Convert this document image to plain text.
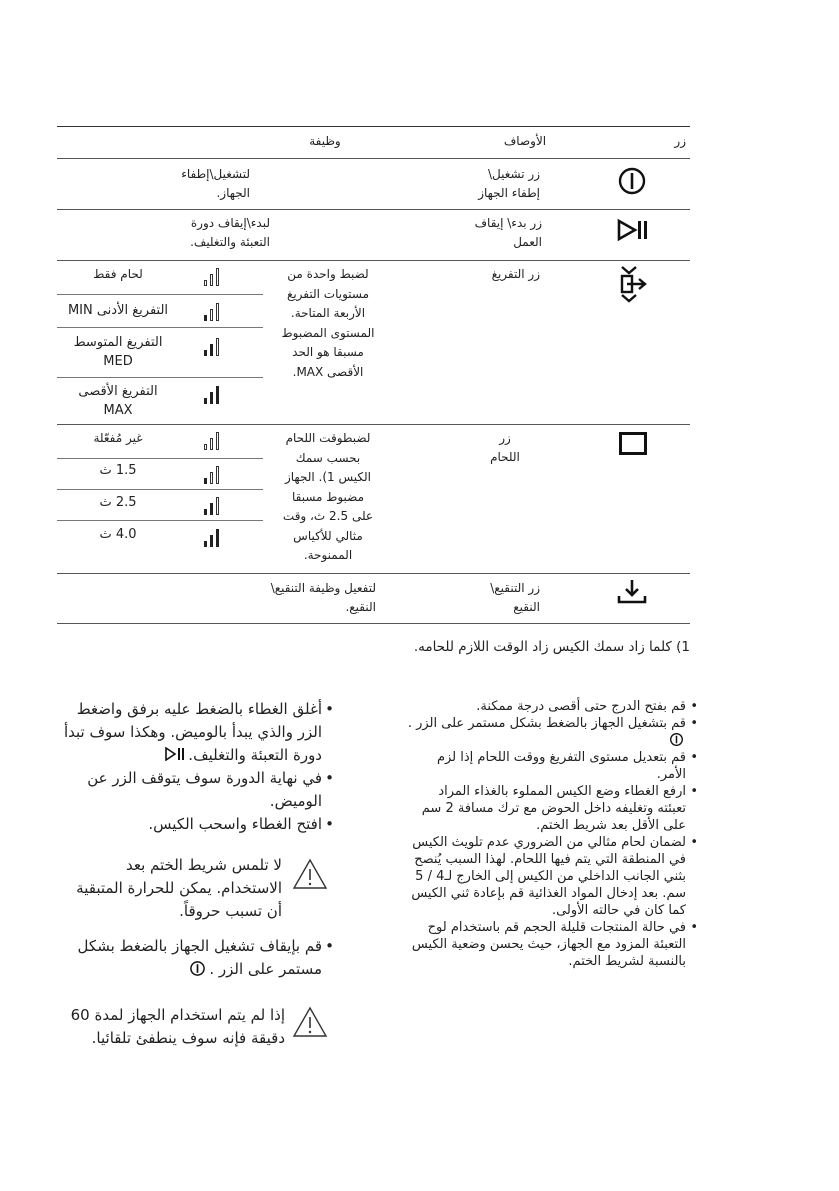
زر
الأوصاف
وظيفة
زر تشغيل\ إطفاء الجهاز
لتشغيل\إطفاء الجهاز.
زر بدء\ إيقاف العمل
لبدء\إيقاف دورة التعبئة والتغليف.
زر التفريغ
لضبط واحدة من مستويات التفريغ الأربعة المتاحة. المستوى المضبوط مسبقا هو الحد الأقصى MAX.
لحام فقط
التفريغ الأدنى MIN
التفريغ المتوسط MED
التفريغ الأقصى MAX
زر اللحام
لضبطوقت اللحام بحسب سمك الكيس 1). الجهاز مضبوط مسبقا على 2.5 ث، وقت مثالي للأكياس الممنوحة.
غير مُفعّلة
1.5 ث
2.5 ث
4.0 ث
زر التنقيع\ النقيع
لتفعيل وظيفة التنقيع\ النقيع.
1) كلما زاد سمك الكيس زاد الوقت اللازم للحامه.
• قم بفتح الدرج حتى أقصى درجة ممكنة.
• قم بتشغيل الجهاز بالضغط بشكل مستمر على الزر .
• قم بتعديل مستوى التفريغ ووقت اللحام إذا لزم الأمر.
• ارفع الغطاء وضع الكيس المملوء بالغذاء المراد تعبئته وتغليفه داخل الحوض مع ترك مسافة 2 سم على الأقل بعد شريط الختم.
• لضمان لحام مثالي من الضروري عدم تلويث الكيس في المنطقة التي يتم فيها اللحام. لهذا السبب يُنصح بثني الجانب الداخلي من الكيس إلى الخارج لـ4 / 5 سم. بعد إدخال المواد الغذائية قم بإعادة ثني الكيس كما كان في حالته الأولى.
• في حالة المنتجات قليلة الحجم قم باستخدام لوح التعبئة المزود مع الجهاز، حيث يحسن وضعية الكيس بالنسبة لشريط الختم.
• أغلق الغطاء بالضغط عليه برفق واضغط الزر والذي يبدأ بالوميض. وهكذا سوف تبدأ دورة التعبئة والتغليف.
• في نهاية الدورة سوف يتوقف الزر عن الوميض.
• افتح الغطاء واسحب الكيس.
لا تلمس شريط الختم بعد الاستخدام. يمكن للحرارة المتبقية أن تسبب حروقاً.
• قم بإيقاف تشغيل الجهاز بالضغط بشكل مستمر على الزر .
إذا لم يتم استخدام الجهاز لمدة 60 دقيقة فإنه سوف ينطفئ تلقائيا.
